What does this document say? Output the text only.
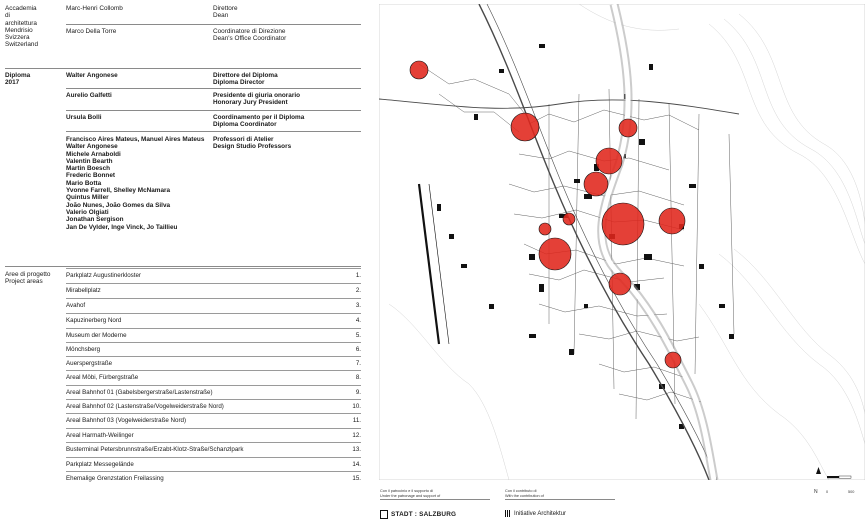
Accademia
di
architettura
Mendrisio
Svizzera
Switzerland
Marc-Henri Collomb	Direttore
Dean
Marco Della Torre	Coordinatore di Direzione
Dean's Office Coordinator
Diploma
2017
Walter Angonese	Direttore del Diploma
Diploma Director
Aurelio Galfetti	Presidente di giuria onorario
Honorary Jury President
Ursula Bolli	Coordinamento per il Diploma
Diploma Coordinator
Francisco Aires Mateus, Manuel Aires Mateus
Walter Angonese
Michele Arnaboldi
Valentin Bearth
Martin Boesch
Frederic Bonnet
Mario Botta
Yvonne Farrell, Shelley McNamara
Quintus Miller
João Nunes, João Gomes da Silva
Valerio Olgiati
Jonathan Sergison
Jan De Vylder, Inge Vinck, Jo Taillieu
Professori di Atelier
Design Studio Professors
Aree di progetto
Project areas
Parkplatz Augustinerkloster	1.
Mirabellplatz	2.
Avahof	3.
Kapuzinerberg Nord	4.
Museum der Moderne	5.
Mönchsberg	6.
Auerspergstraße	7.
Areal Möbi, Fürbergstraße	8.
Areal Bahnhof 01 (Gabelsbergerstraße/Lastenstraße)	9.
Areal Bahnhof 02 (Lastenstraße/Vogelweiderstraße Nord)	10.
Areal Bahnhof 03 (Vogelweiderstraße Nord)	11.
Areal Harmath-Weilinger	12.
Busterminal Petersbrunnstraße/Erzabt-Klotz-Straße/Schanzlpark	13.
Parkplatz Messegelände	14.
Ehemalige Grenzstation Freilassing	15.
N 0	500
Con il patrocinio e il supporto di
Under the patronage and support of
STADT : SALZBURG
Con il contributo di
With the contribution of
Initiative Architektur
